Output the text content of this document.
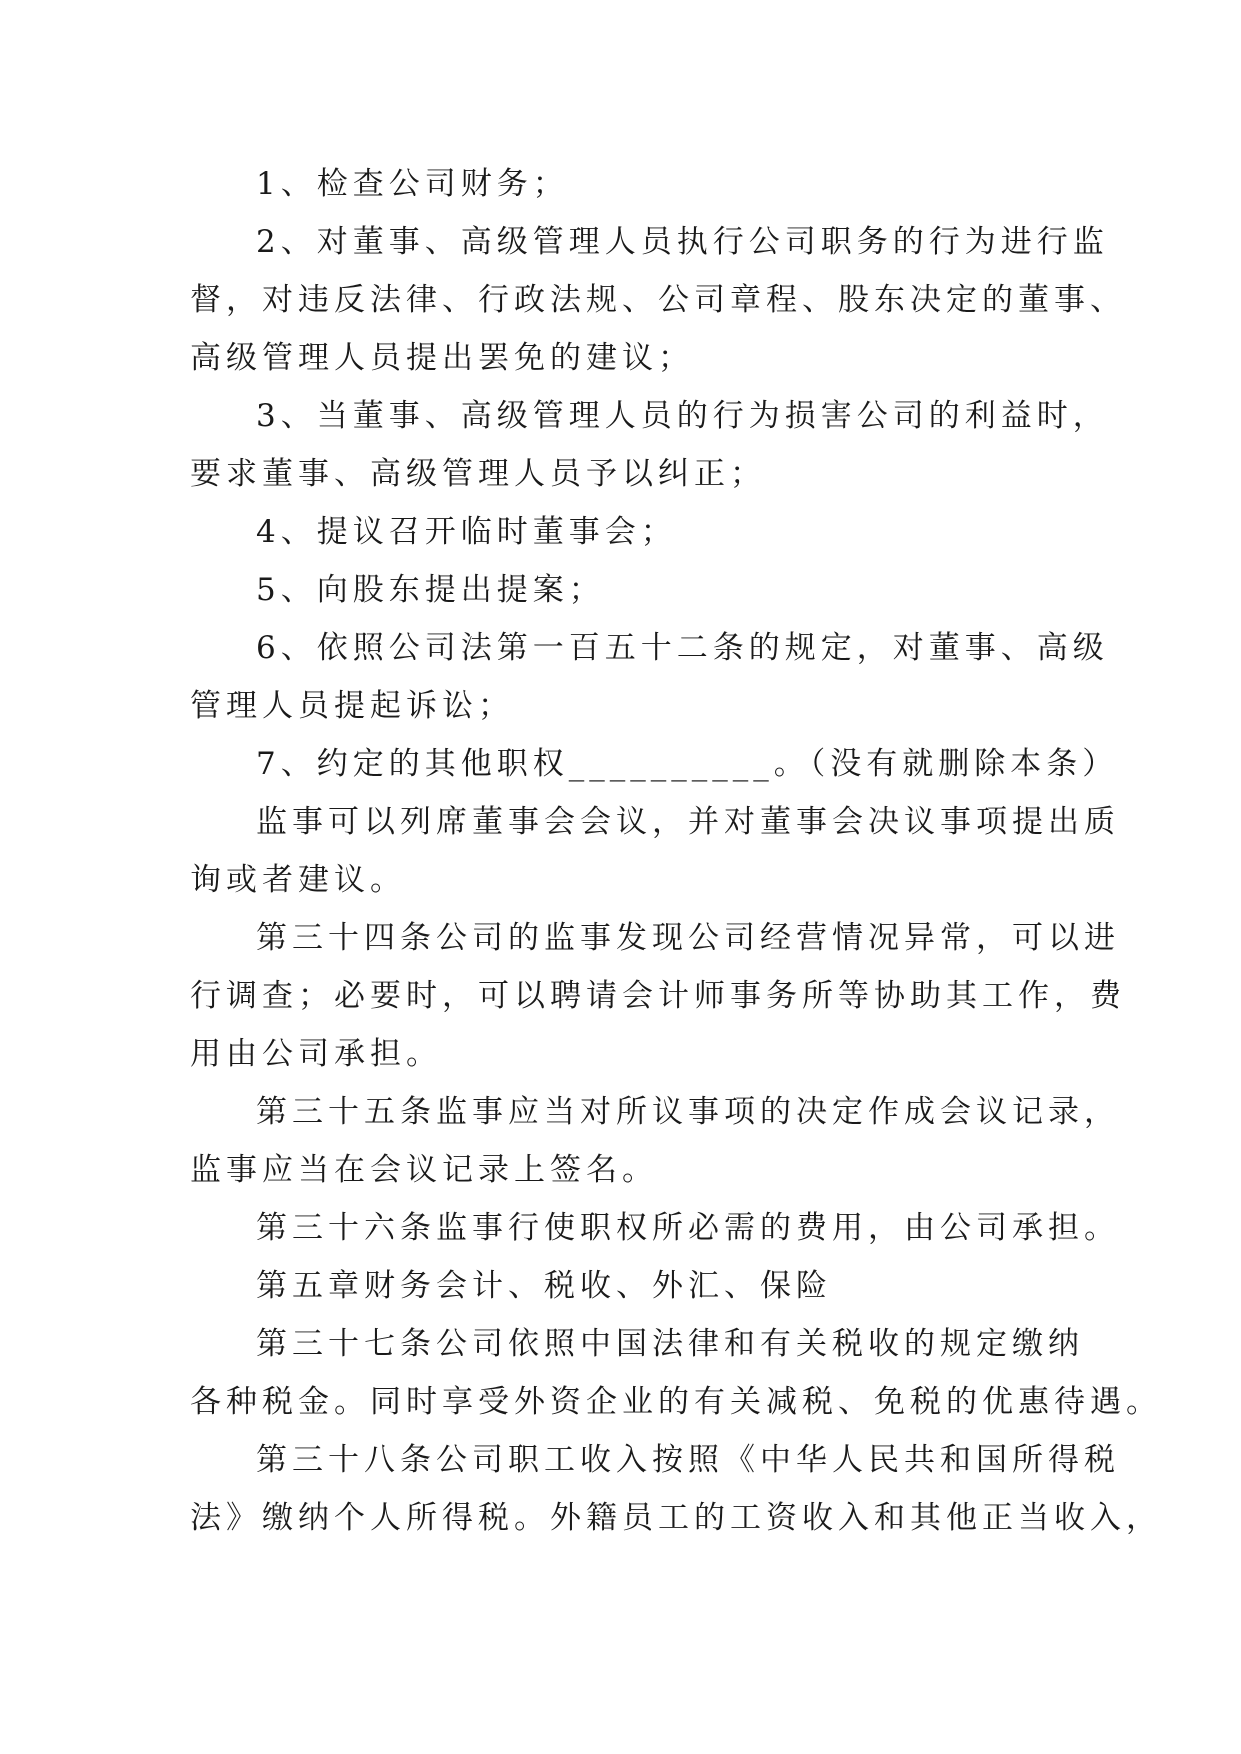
1、检查公司财务；
2、对董事、高级管理人员执行公司职务的行为进行监
督，对违反法律、行政法规、公司章程、股东决定的董事、
高级管理人员提出罢免的建议；
3、当董事、高级管理人员的行为损害公司的利益时，
要求董事、高级管理人员予以纠正；
4、提议召开临时董事会；
5、向股东提出提案；
6、依照公司法第一百五十二条的规定，对董事、高级
管理人员提起诉讼；
7、约定的其他职权__________。（没有就删除本条）
监事可以列席董事会会议，并对董事会决议事项提出质
询或者建议。
第三十四条公司的监事发现公司经营情况异常，可以进
行调查；必要时，可以聘请会计师事务所等协助其工作，费
用由公司承担。
第三十五条监事应当对所议事项的决定作成会议记录，
监事应当在会议记录上签名。
第三十六条监事行使职权所必需的费用，由公司承担。
第五章财务会计、税收、外汇、保险
第三十七条公司依照中国法律和有关税收的规定缴纳
各种税金。同时享受外资企业的有关减税、免税的优惠待遇。
第三十八条公司职工收入按照《中华人民共和国所得税
法》缴纳个人所得税。外籍员工的工资收入和其他正当收入，
